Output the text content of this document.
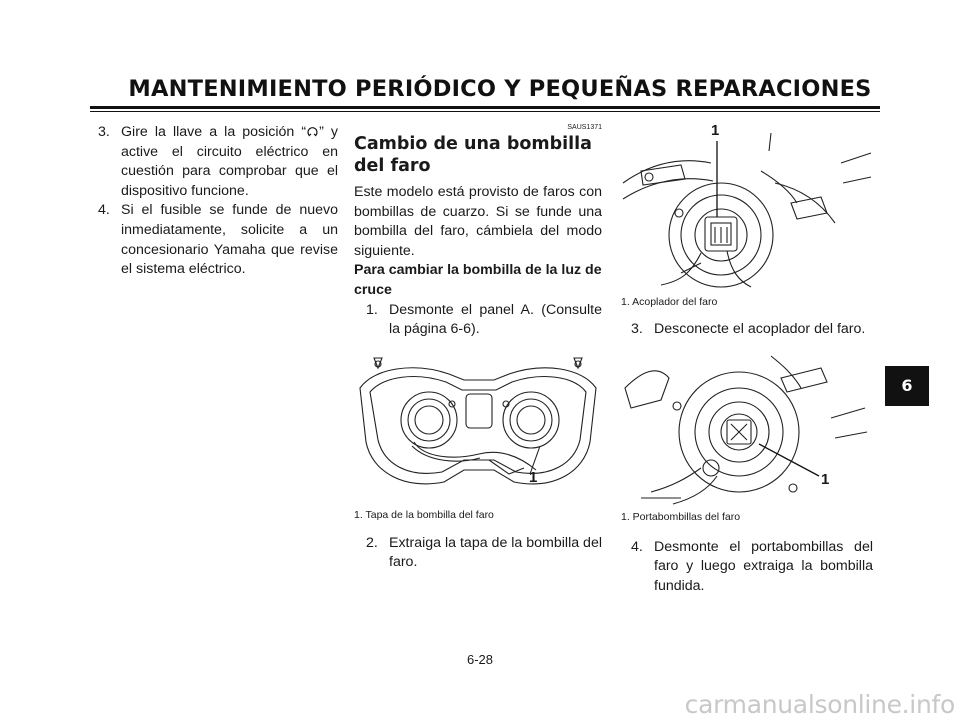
MANTENIMIENTO PERIÓDICO Y PEQUEÑAS REPARACIONES
3. Gire la llave a la posición “ ” y active el circuito eléctrico en cuestión para comprobar que el dispositivo funcione.
4. Si el fusible se funde de nuevo inmediatamente, solicite a un concesionario Yamaha que revise el sistema eléctrico.
SAUS1371
Cambio de una bombilla del faro
Este modelo está provisto de faros con bombillas de cuarzo. Si se funde una bombilla del faro, cámbiela del modo siguiente.
Para cambiar la bombilla de la luz de cruce
1. Desmonte el panel A. (Consulte la página 6-6).
1
1. Tapa de la bombilla del faro
2. Extraiga la tapa de la bombilla del faro.
1
1. Acoplador del faro
3. Desconecte el acoplador del faro.
1
1. Portabombillas del faro
4. Desmonte el portabombillas del faro y luego extraiga la bombilla fundida.
6
6-28
carmanualsonline.info
